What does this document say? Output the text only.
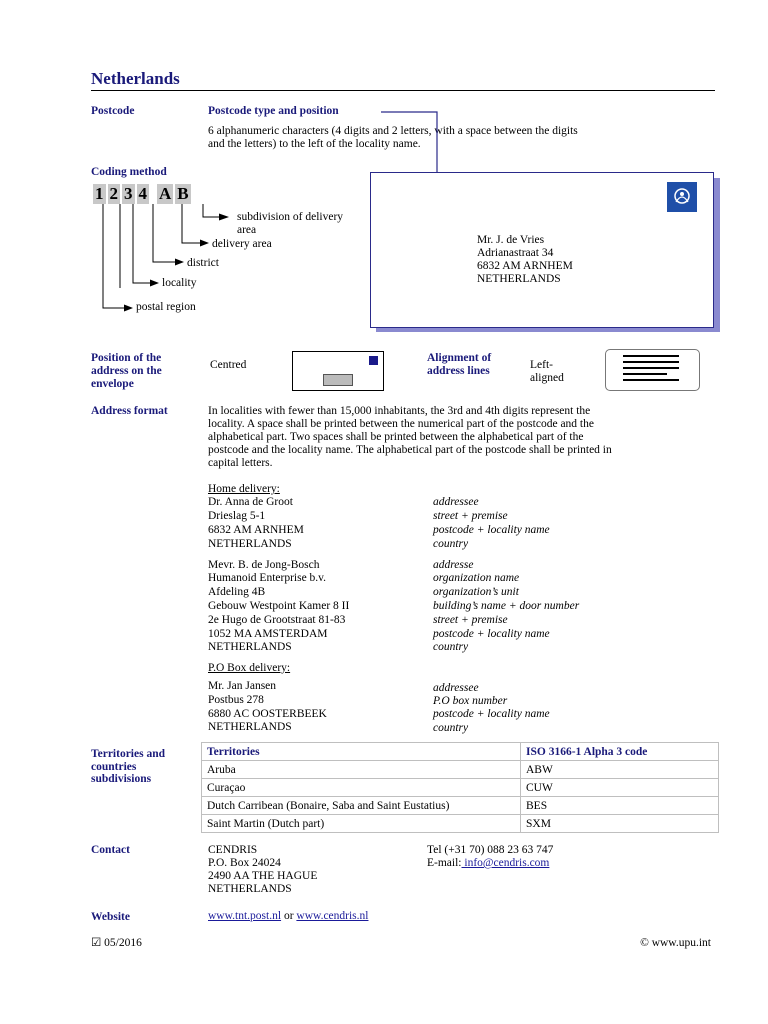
Netherlands
Postcode	Postcode type and position
6 alphanumeric characters (4 digits and 2 letters, with a space between the digits
and the letters) to the left of the locality name.
Coding method
1 2 3 4 A B
subdivision of delivery
area
delivery area
district
locality
postal region
Mr. J. de Vries
Adrianastraat 34
6832 AM ARNHEM
NETHERLANDS
Position of the
address on the
envelope
Centred
Alignment of
address lines	Left-
aligned
Address format	In localities with fewer than 15,000 inhabitants, the 3rd and 4th digits represent the
locality. A space shall be printed between the numerical part of the postcode and the
alphabetical part. Two spaces shall be printed between the alphabetical part of the
postcode and the locality name. The alphabetical part of the postcode shall be printed in
capital letters.
Home delivery:
Dr. Anna de Groot	addressee
Drieslag 5-1	street + premise
6832 AM ARNHEM	postcode + locality name
NETHERLANDS	country
Mevr. B. de Jong-Bosch	addresse
Humanoid Enterprise b.v.	organization name
Afdeling 4B	organization’s unit
Gebouw Westpoint Kamer 8 II	building’s name + door number
2e Hugo de Grootstraat 81-83	street + premise
1052 MA AMSTERDAM	postcode + locality name
NETHERLANDS	country
P.O Box delivery:
Mr. Jan Jansen	addressee
Postbus 278	P.O box number
6880 AC OOSTERBEEK	postcode + locality name
NETHERLANDS	country
Territories and
countries
subdivisions
Territories	ISO 3166-1 Alpha 3 code
Aruba	ABW
Curaçao	CUW
Dutch Carribean (Bonaire, Saba and Saint Eustatius)	BES
Saint Martin (Dutch part)	SXM
Contact	CENDRIS
P.O. Box 24024
2490 AA THE HAGUE
NETHERLANDS
Tel (+31 70) 088 23 63 747
E-mail: info@cendris.com
Website	www.tnt.post.nl or www.cendris.nl
☑ 05/2016	© www.upu.int
